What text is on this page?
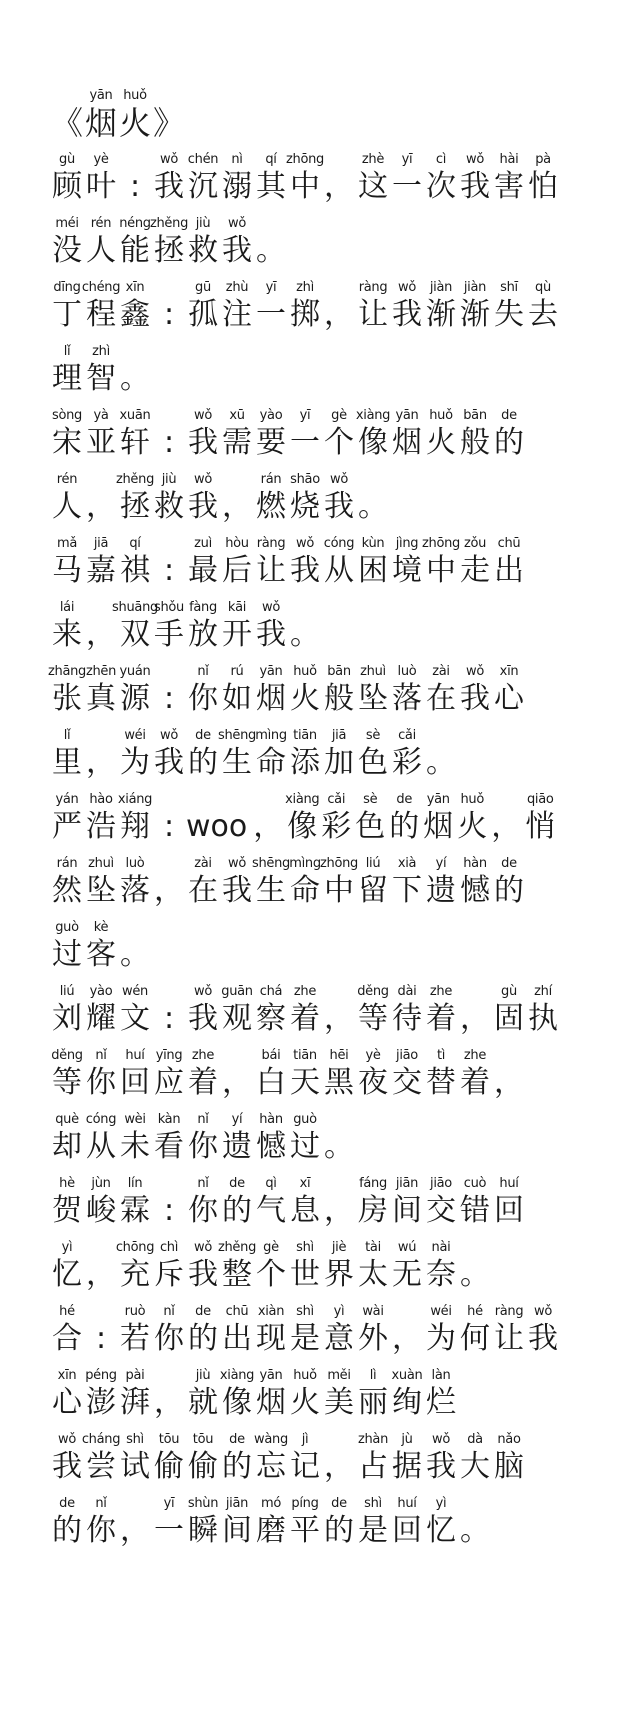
《
yān
烟
huǒ
火 》
gù
顾
yè
叶 :
wǒ
我
chén
沉
nì
溺
qí
其
zhōng
中 ，
zhè
这
yī
一
cì
次
wǒ
我
hài
害
pà
怕
méi
没
rén
人
néng
能
zhěng
拯
jiù
救
wǒ
我 。
dīng
丁
chéng
程
xīn
鑫 :
gū
孤
zhù
注
yī
一
zhì
掷 ，
ràng
让
wǒ
我
jiàn
渐
jiàn
渐
shī
失
qù
去
lǐ
理
zhì
智 。
sòng
宋
yà
亚
xuān
轩 :
wǒ
我
xū
需
yào
要
yī
一
gè
个
xiàng
像
yān
烟
huǒ
火
bān
般
de
的
rén
人 ，
zhěng
拯
jiù
救
wǒ
我 ，
rán
燃
shāo
烧
wǒ
我 。
mǎ
马
jiā
嘉
qí
祺 :
zuì
最
hòu
后
ràng
让
wǒ
我
cóng
从
kùn
困
jìng
境
zhōng
中
zǒu
走
chū
出
lái
来 ，
shuāng
双
shǒu
手
fàng
放
kāi
开
wǒ
我 。
zhāng
张
zhēn
真
yuán
源 :
nǐ
你
rú
如
yān
烟
huǒ
火
bān
般
zhuì
坠
luò
落
zài
在
wǒ
我
xīn
心
lǐ
里 ，
wéi
为
wǒ
我
de
的
shēng
生
mìng
命
tiān
添
jiā
加
sè
色
cǎi
彩 。
yán
严
hào
浩
xiáng
翔 : woo ，
xiàng
像
cǎi
彩
sè
色
de
的
yān
烟
huǒ
火 ，
qiāo
悄
rán
然
zhuì
坠
luò
落 ，
zài
在
wǒ
我
shēng
生
mìng
命
zhōng
中
liú
留
xià
下
yí
遗
hàn
憾
de
的
guò
过
kè
客 。
liú
刘
yào
耀
wén
文 :
wǒ
我
guān
观
chá
察
zhe
着 ，
děng
等
dài
待
zhe
着 ，
gù
固
zhí
执
děng
等
nǐ
你
huí
回
yīng
应
zhe
着 ，
bái
白
tiān
天
hēi
黑
yè
夜
jiāo
交
tì
替
zhe
着 ，
què
却
cóng
从
wèi
未
kàn
看
nǐ
你
yí
遗
hàn
憾
guò
过 。
hè
贺
jùn
峻
lín
霖 :
nǐ
你
de
的
qì
气
xī
息 ，
fáng
房
jiān
间
jiāo
交
cuò
错
huí
回
yì
忆 ，
chōng
充
chì
斥
wǒ
我
zhěng
整
gè
个
shì
世
jiè
界
tài
太
wú
无
nài
奈 。
hé
合 :
ruò
若
nǐ
你
de
的
chū
出
xiàn
现
shì
是
yì
意
wài
外 ，
wéi
为
hé
何
ràng
让
wǒ
我
xīn
心
péng
澎
pài
湃 ，
jiù
就
xiàng
像
yān
烟
huǒ
火
měi
美
lì
丽
xuàn
绚
làn
烂
wǒ
我
cháng
尝
shì
试
tōu
偷
tōu
偷
de
的
wàng
忘
jì
记 ，
zhàn
占
jù
据
wǒ
我
dà
大
nǎo
脑
de
的
nǐ
你 ，
yī
一
shùn
瞬
jiān
间
mó
磨
píng
平
de
的
shì
是
huí
回
yì
忆 。
